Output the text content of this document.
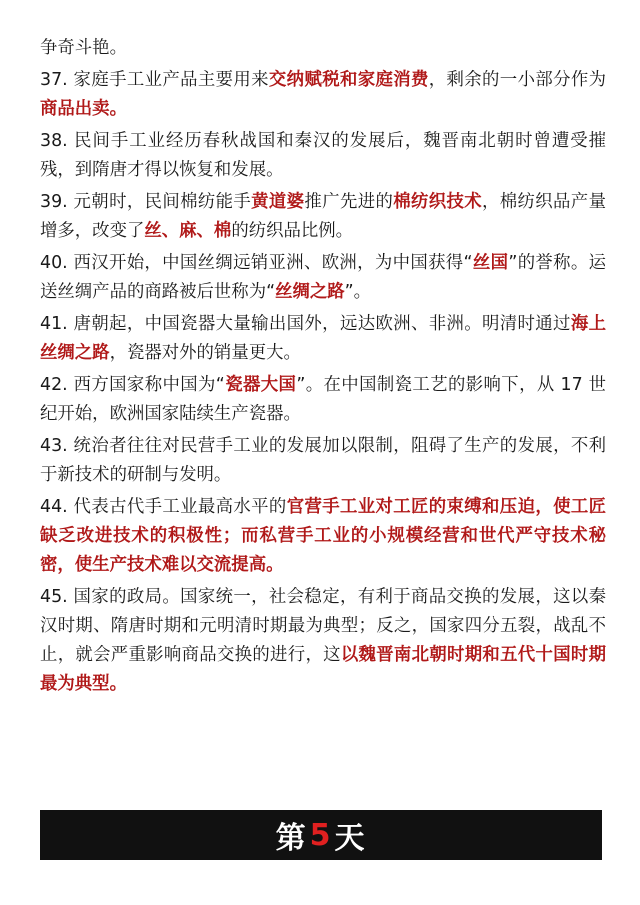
争奇斗艳。

37. 家庭手工业产品主要用来交纳赋税和家庭消费，剩余的一小部分作为商品出卖。

38. 民间手工业经历春秋战国和秦汉的发展后，魏晋南北朝时曾遭受摧残，到隋唐才得以恢复和发展。

39. 元朝时，民间棉纺能手黄道婆推广先进的棉纺织技术，棉纺织品产量增多，改变了丝、麻、棉的纺织品比例。

40. 西汉开始，中国丝绸远销亚洲、欧洲，为中国获得“丝国”的誉称。运送丝绸产品的商路被后世称为“丝绸之路”。

41. 唐朝起，中国瓷器大量输出国外，远达欧洲、非洲。明清时通过海上丝绸之路，瓷器对外的销量更大。

42. 西方国家称中国为“瓷器大国”。在中国制瓷工艺的影响下，从 17 世纪开始，欧洲国家陆续生产瓷器。

43. 统治者往往对民营手工业的发展加以限制，阻碍了生产的发展，不利于新技术的研制与发明。

44. 代表古代手工业最高水平的官营手工业对工匠的束缚和压迫，使工匠缺乏改进技术的积极性；而私营手工业的小规模经营和世代严守技术秘密，使生产技术难以交流提高。

45. 国家的政局。国家统一，社会稳定，有利于商品交换的发展，这以秦汉时期、隋唐时期和元明清时期最为典型；反之，国家四分五裂，战乱不止，就会严重影响商品交换的进行，这以魏晋南北朝时期和五代十国时期最为典型。

第 5 天
